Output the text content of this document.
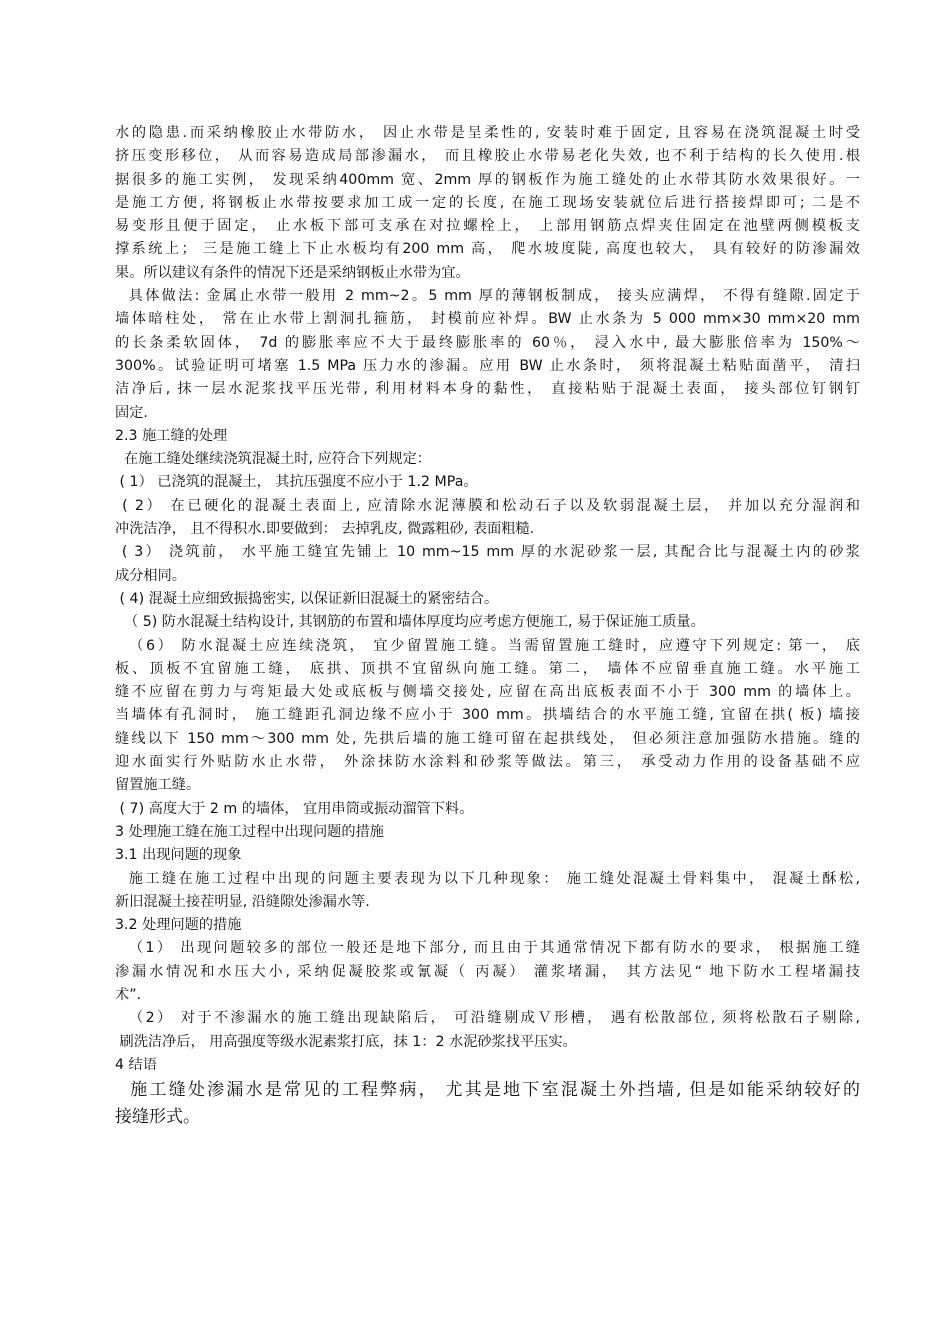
水的隐患.而采纳橡胶止水带防水， 因止水带是呈柔性的, 安装时难于固定, 且容易在浇筑混凝土时受
挤压变形移位， 从而容易造成局部渗漏水， 而且橡胶止水带易老化失效, 也不利于结构的长久使用.根
据很多的施工实例， 发现采纳400mm 宽、2mm 厚的钢板作为施工缝处的止水带其防水效果很好。一
是施工方便, 将钢板止水带按要求加工成一定的长度, 在施工现场安装就位后进行搭接焊即可; 二是不
易变形且便于固定， 止水板下部可支承在对拉螺栓上， 上部用钢筋点焊夹住固定在池壁两侧模板支
撑系统上； 三是施工缝上下止水板均有200 mm 高， 爬水坡度陡, 高度也较大， 具有较好的防渗漏效
果。所以建议有条件的情况下还是采纳钢板止水带为宜。
具体做法: 金属止水带一般用 2 mm~2。5 mm 厚的薄钢板制成， 接头应满焊， 不得有缝隙.固定于
墙体暗柱处， 常在止水带上割洞扎箍筋， 封模前应补焊。BW 止水条为 5 000 mm×30 mm×20 mm
的长条柔软固体， 7d 的膨胀率应不大于最终膨胀率的 60％， 浸入水中, 最大膨胀倍率为 150%～
300%。试验证明可堵塞 1.5 MPa 压力水的渗漏。应用 BW 止水条时， 须将混凝土粘贴面凿平， 清扫
洁净后, 抹一层水泥浆找平压光带, 利用材料本身的黏性， 直接粘贴于混凝土表面， 接头部位钉钢钉
固定.
2.3 施工缝的处理
在施工缝处继续浇筑混凝土时, 应符合下列规定：
( 1） 已浇筑的混凝土， 其抗压强度不应小于 1.2 MPa。
( 2） 在已硬化的混凝土表面上, 应清除水泥薄膜和松动石子以及软弱混凝土层， 并加以充分湿润和
冲洗洁净， 且不得积水.即要做到： 去掉乳皮, 微露粗砂, 表面粗糙.
( 3） 浇筑前， 水平施工缝宜先铺上 10 mm~15 mm 厚的水泥砂浆一层, 其配合比与混凝土内的砂浆
成分相同。
( 4) 混凝土应细致振捣密实, 以保证新旧混凝土的紧密结合。
（ 5) 防水混凝土结构设计, 其钢筋的布置和墙体厚度均应考虑方便施工, 易于保证施工质量。
（6） 防水混凝土应连续浇筑， 宜少留置施工缝。当需留置施工缝时，应遵守下列规定: 第一， 底
板、顶板不宜留施工缝， 底拱、顶拱不宜留纵向施工缝。第二， 墙体不应留垂直施工缝。水平施工
缝不应留在剪力与弯矩最大处或底板与侧墙交接处, 应留在高出底板表面不小于 300 mm 的墙体上。
当墙体有孔洞时， 施工缝距孔洞边缘不应小于 300 mm。拱墙结合的水平施工缝, 宜留在拱( 板) 墙接
缝线以下 150 mm～300 mm 处, 先拱后墙的施工缝可留在起拱线处， 但必须注意加强防水措施。缝的
迎水面实行外贴防水止水带， 外涂抹防水涂料和砂浆等做法。第三， 承受动力作用的设备基础不应
留置施工缝。
( 7) 高度大于 2 m 的墙体， 宜用串筒或振动溜管下料。
3 处理施工缝在施工过程中出现问题的措施
3.1 出现问题的现象
施工缝在施工过程中出现的问题主要表现为以下几种现象： 施工缝处混凝土骨料集中， 混凝土酥松,
新旧混凝土接茬明显, 沿缝隙处渗漏水等.
3.2 处理问题的措施
（1） 出现问题较多的部位一般还是地下部分, 而且由于其通常情况下都有防水的要求， 根据施工缝
渗漏水情况和水压大小, 采纳促凝胶浆或氰凝（ 丙凝） 灌浆堵漏， 其方法见“ 地下防水工程堵漏技
术”.
（2） 对于不渗漏水的施工缝出现缺陷后， 可沿缝剔成Ｖ形槽， 遇有松散部位, 须将松散石子剔除,
刷洗洁净后， 用高强度等级水泥素浆打底，抹 1：2 水泥砂浆找平压实。
4 结语
施工缝处渗漏水是常见的工程弊病， 尤其是地下室混凝土外挡墙, 但是如能采纳较好的
接缝形式。
